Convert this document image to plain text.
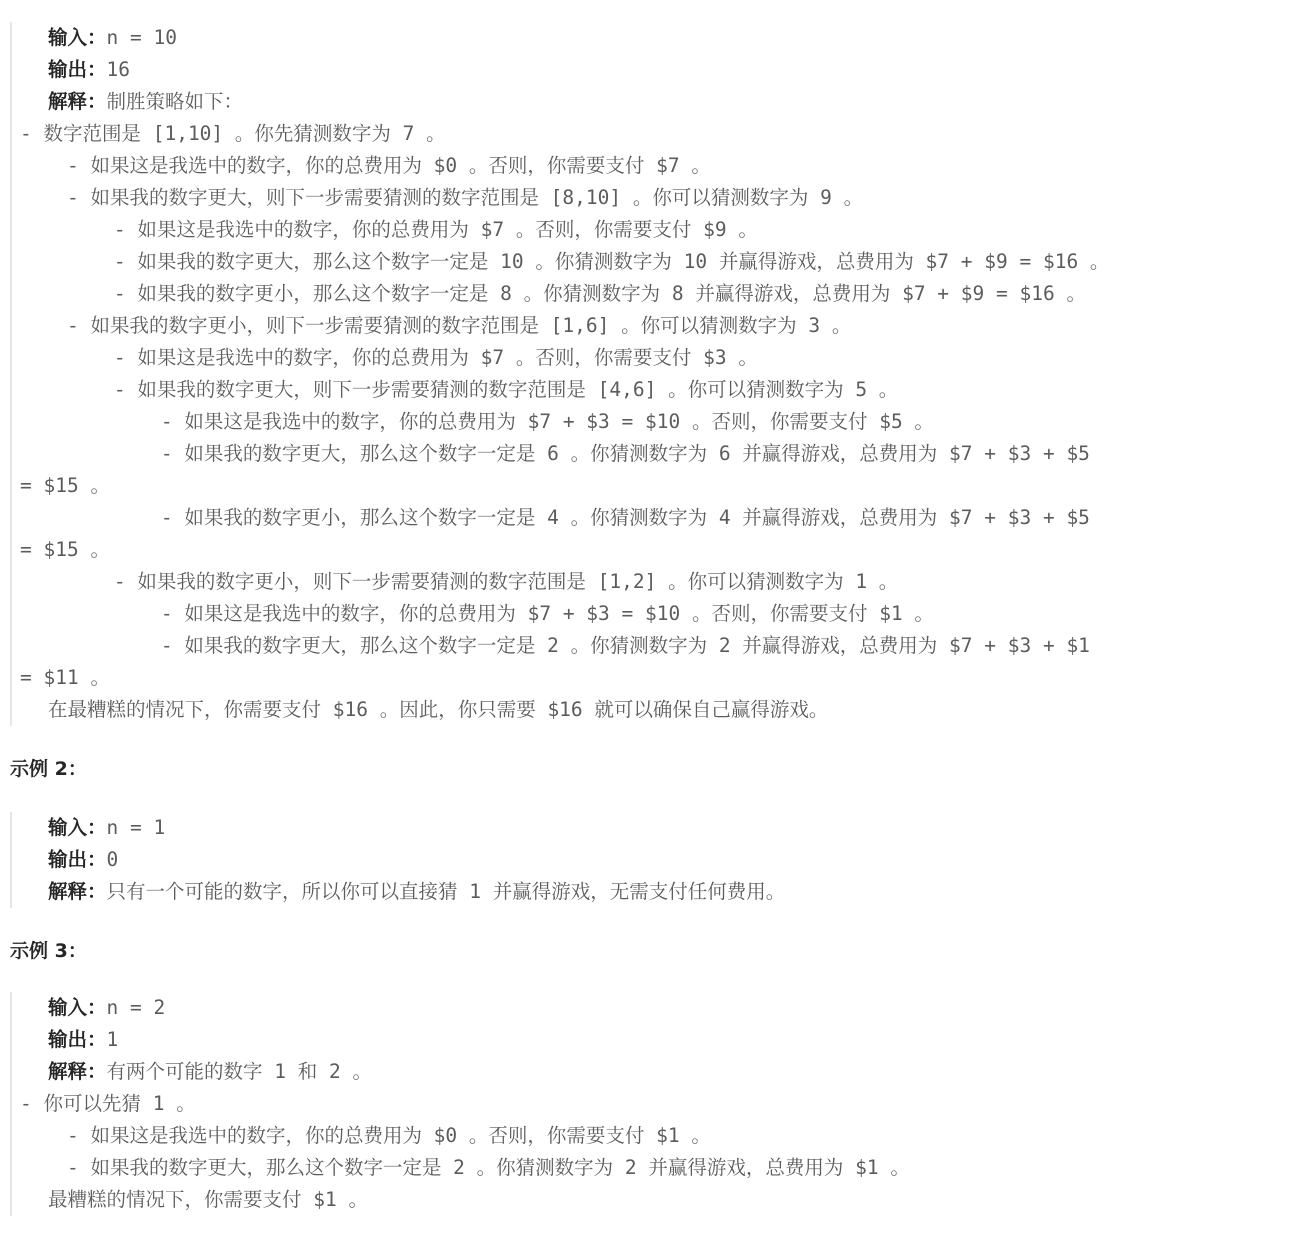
输入：n = 10
输出：16
解释：制胜策略如下：
- 数字范围是 [1,10] 。你先猜测数字为 7 。
- 如果这是我选中的数字，你的总费用为 $0 。否则，你需要支付 $7 。
- 如果我的数字更大，则下一步需要猜测的数字范围是 [8,10] 。你可以猜测数字为 9 。
- 如果这是我选中的数字，你的总费用为 $7 。否则，你需要支付 $9 。
- 如果我的数字更大，那么这个数字一定是 10 。你猜测数字为 10 并赢得游戏，总费用为 $7 + $9 = $16 。
- 如果我的数字更小，那么这个数字一定是 8 。你猜测数字为 8 并赢得游戏，总费用为 $7 + $9 = $16 。
- 如果我的数字更小，则下一步需要猜测的数字范围是 [1,6] 。你可以猜测数字为 3 。
- 如果这是我选中的数字，你的总费用为 $7 。否则，你需要支付 $3 。
- 如果我的数字更大，则下一步需要猜测的数字范围是 [4,6] 。你可以猜测数字为 5 。
- 如果这是我选中的数字，你的总费用为 $7 + $3 = $10 。否则，你需要支付 $5 。
- 如果我的数字更大，那么这个数字一定是 6 。你猜测数字为 6 并赢得游戏，总费用为 $7 + $3 + $5
= $15 。
- 如果我的数字更小，那么这个数字一定是 4 。你猜测数字为 4 并赢得游戏，总费用为 $7 + $3 + $5
= $15 。
- 如果我的数字更小，则下一步需要猜测的数字范围是 [1,2] 。你可以猜测数字为 1 。
- 如果这是我选中的数字，你的总费用为 $7 + $3 = $10 。否则，你需要支付 $1 。
- 如果我的数字更大，那么这个数字一定是 2 。你猜测数字为 2 并赢得游戏，总费用为 $7 + $3 + $1
= $11 。
在最糟糕的情况下，你需要支付 $16 。因此，你只需要 $16 就可以确保自己赢得游戏。
示例 2：
输入：n = 1
输出：0
解释：只有一个可能的数字，所以你可以直接猜 1 并赢得游戏，无需支付任何费用。
示例 3：
输入：n = 2
输出：1
解释：有两个可能的数字 1 和 2 。
- 你可以先猜 1 。
- 如果这是我选中的数字，你的总费用为 $0 。否则，你需要支付 $1 。
- 如果我的数字更大，那么这个数字一定是 2 。你猜测数字为 2 并赢得游戏，总费用为 $1 。
最糟糕的情况下，你需要支付 $1 。
